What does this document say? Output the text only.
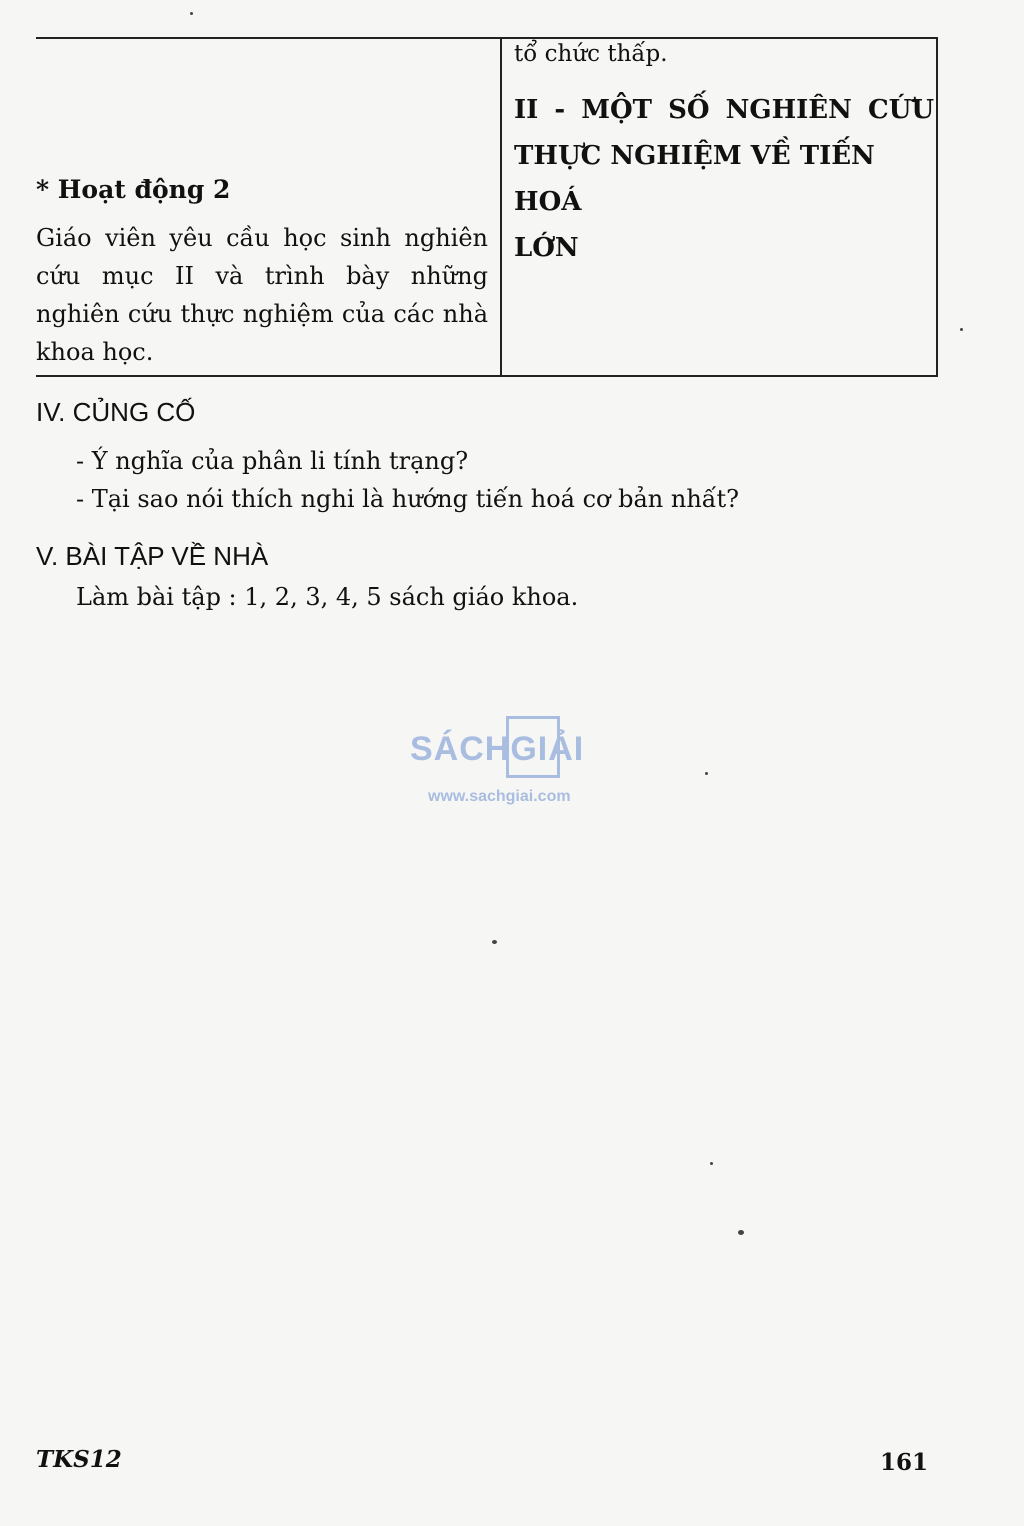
* Hoạt động 2

Giáo viên yêu cầu học sinh nghiên

cứu mục II và trình bày những

nghiên cứu thực nghiệm của các nhà

khoa học.

tổ chức thấp.

II - MỘT SỐ NGHIÊN CỨU

THỰC NGHIỆM VỀ TIẾN HOÁ

LỚN

IV. CỦNG CỐ
- Ý nghĩa của phân li tính trạng?
- Tại sao nói thích nghi là hướng tiến hoá cơ bản nhất?
V. BÀI TẬP VỀ NHÀ
Làm bài tập : 1, 2, 3, 4, 5 sách giáo khoa.
SÁCHGIẢI
www.sachgiai.com
TKS12	161
